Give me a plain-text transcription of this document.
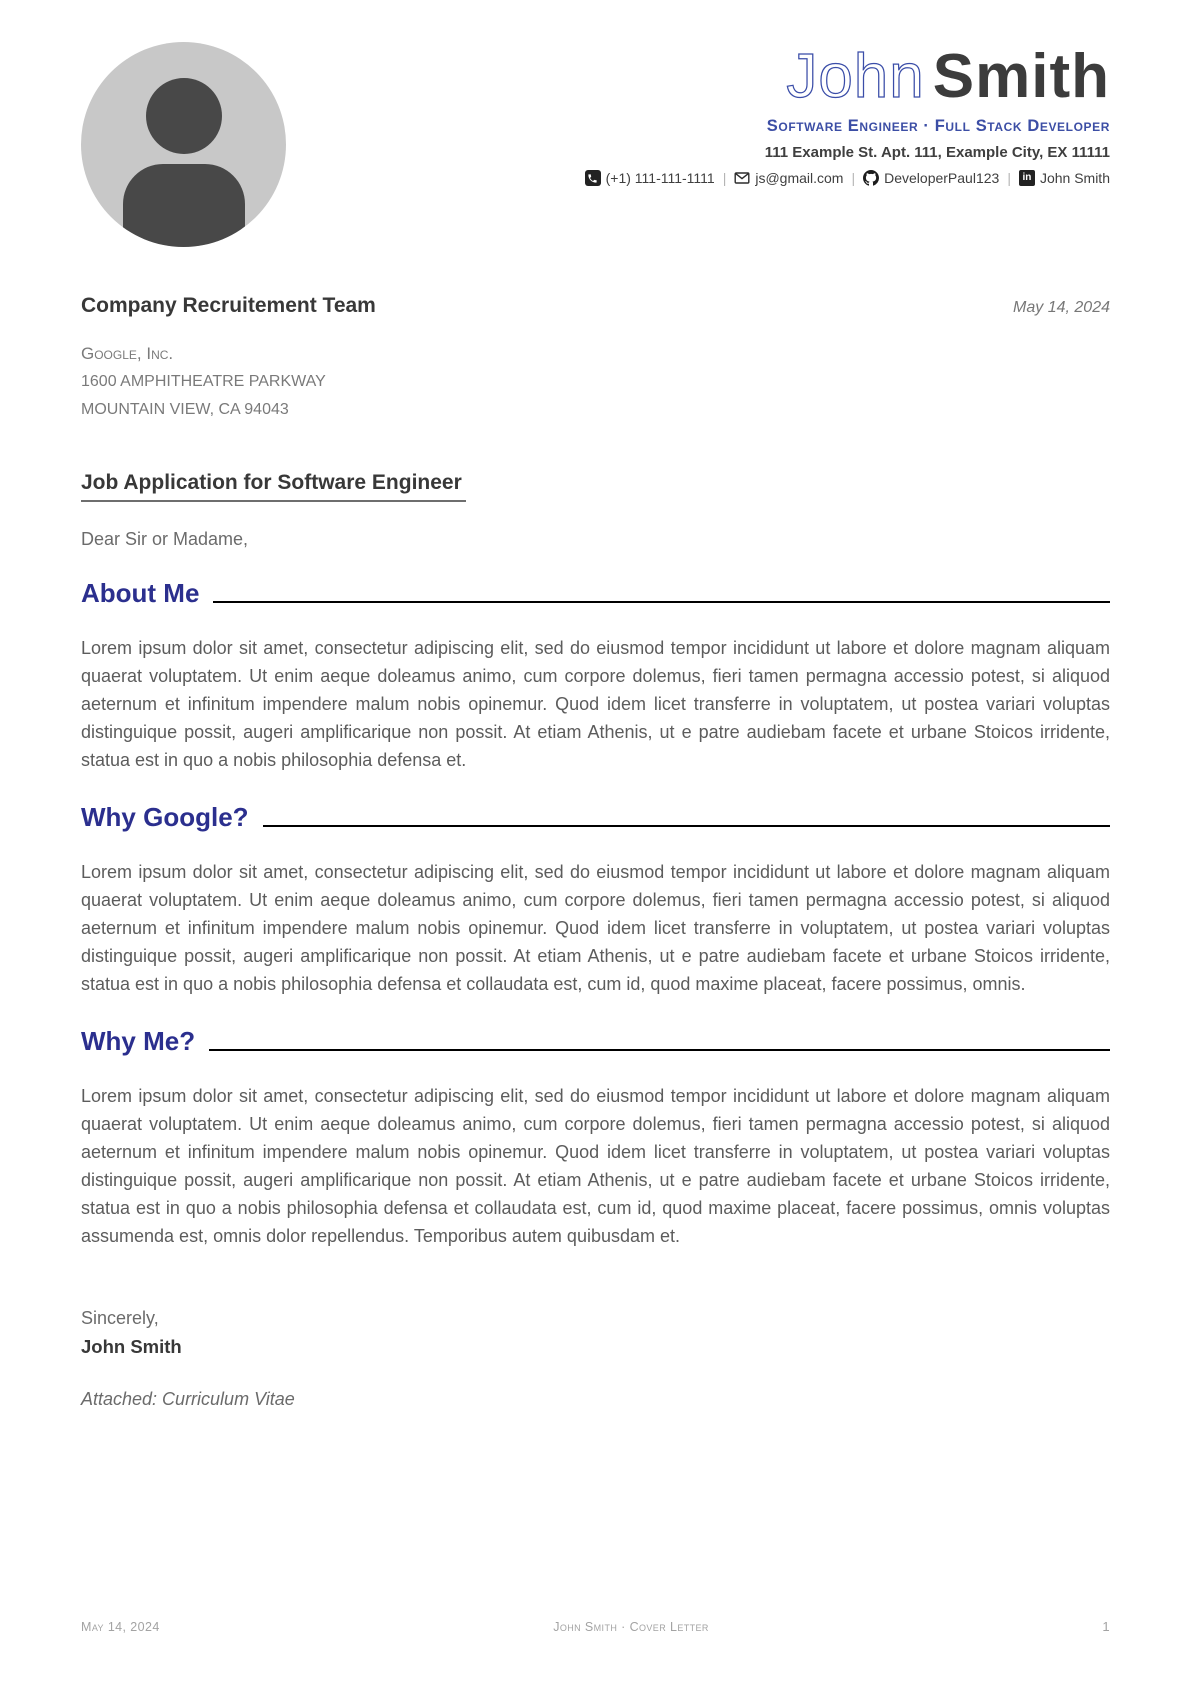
John Smith
Software Engineer · Full Stack Developer
111 Example St. Apt. 111, Example City, EX 11111
(+1) 111-111-1111 | js@gmail.com | DeveloperPaul123 | in John Smith
Company Recruitement Team	May 14, 2024
Google, Inc.
1600 AMPHITHEATRE PARKWAY
MOUNTAIN VIEW, CA 94043
Job Application for Software Engineer
Dear Sir or Madame,
About Me
Lorem ipsum dolor sit amet, consectetur adipiscing elit, sed do eiusmod tempor incididunt ut labore et dolore magnam aliquam quaerat voluptatem. Ut enim aeque doleamus animo, cum corpore dolemus, fieri tamen permagna accessio potest, si aliquod aeternum et infinitum impendere malum nobis opinemur. Quod idem licet transferre in voluptatem, ut postea variari voluptas distinguique possit, augeri amplificarique non possit. At etiam Athenis, ut e patre audiebam facete et urbane Stoicos irridente, statua est in quo a nobis philosophia defensa et.
Why Google?
Lorem ipsum dolor sit amet, consectetur adipiscing elit, sed do eiusmod tempor incididunt ut labore et dolore magnam aliquam quaerat voluptatem. Ut enim aeque doleamus animo, cum corpore dolemus, fieri tamen permagna accessio potest, si aliquod aeternum et infinitum impendere malum nobis opinemur. Quod idem licet transferre in voluptatem, ut postea variari voluptas distinguique possit, augeri amplificarique non possit. At etiam Athenis, ut e patre audiebam facete et urbane Stoicos irridente, statua est in quo a nobis philosophia defensa et collaudata est, cum id, quod maxime placeat, facere possimus, omnis.
Why Me?
Lorem ipsum dolor sit amet, consectetur adipiscing elit, sed do eiusmod tempor incididunt ut labore et dolore magnam aliquam quaerat voluptatem. Ut enim aeque doleamus animo, cum corpore dolemus, fieri tamen permagna accessio potest, si aliquod aeternum et infinitum impendere malum nobis opinemur. Quod idem licet transferre in voluptatem, ut postea variari voluptas distinguique possit, augeri amplificarique non possit. At etiam Athenis, ut e patre audiebam facete et urbane Stoicos irridente, statua est in quo a nobis philosophia defensa et collaudata est, cum id, quod maxime placeat, facere possimus, omnis voluptas assumenda est, omnis dolor repellendus. Temporibus autem quibusdam et.
Sincerely,
John Smith
Attached: Curriculum Vitae
May 14, 2024	John Smith · Cover Letter	1
